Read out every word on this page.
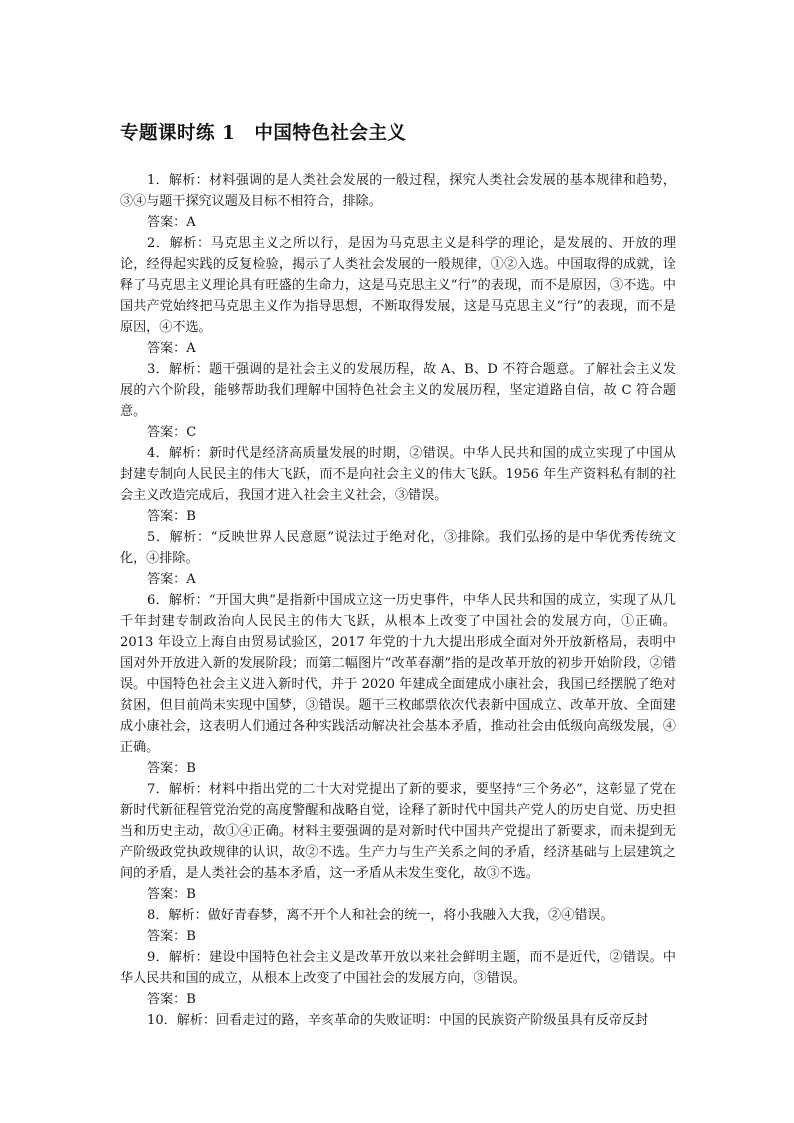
专题课时练 1　中国特色社会主义

1．解析：材料强调的是人类社会发展的一般过程，探究人类社会发展的基本规律和趋势，③④与题干探究议题及目标不相符合，排除。

答案：A

2．解析：马克思主义之所以行，是因为马克思主义是科学的理论，是发展的、开放的理论，经得起实践的反复检验，揭示了人类社会发展的一般规律，①②入选。中国取得的成就，诠释了马克思主义理论具有旺盛的生命力，这是马克思主义“行”的表现，而不是原因，③不选。中国共产党始终把马克思主义作为指导思想，不断取得发展，这是马克思主义“行”的表现，而不是原因，④不选。

答案：A

3．解析：题干强调的是社会主义的发展历程，故 A、B、D 不符合题意。了解社会主义发展的六个阶段，能够帮助我们理解中国特色社会主义的发展历程，坚定道路自信，故 C 符合题意。

答案：C

4．解析：新时代是经济高质量发展的时期，②错误。中华人民共和国的成立实现了中国从封建专制向人民民主的伟大飞跃，而不是向社会主义的伟大飞跃。1956 年生产资料私有制的社会主义改造完成后，我国才进入社会主义社会，③错误。

答案：B

5．解析：“反映世界人民意愿”说法过于绝对化，③排除。我们弘扬的是中华优秀传统文化，④排除。

答案：A

6．解析：“开国大典”是指新中国成立这一历史事件，中华人民共和国的成立，实现了从几千年封建专制政治向人民民主的伟大飞跃，从根本上改变了中国社会的发展方向，①正确。2013 年设立上海自由贸易试验区，2017 年党的十九大提出形成全面对外开放新格局，表明中国对外开放进入新的发展阶段；而第二幅图片“改革春潮”指的是改革开放的初步开始阶段，②错误。中国特色社会主义进入新时代，并于 2020 年建成全面建成小康社会，我国已经摆脱了绝对贫困，但目前尚未实现中国梦，③错误。题干三枚邮票依次代表新中国成立、改革开放、全面建成小康社会，这表明人们通过各种实践活动解决社会基本矛盾，推动社会由低级向高级发展，④正确。

答案：B

7．解析：材料中指出党的二十大对党提出了新的要求，要坚持“三个务必”，这彰显了党在新时代新征程管党治党的高度警醒和战略自觉，诠释了新时代中国共产党人的历史自觉、历史担当和历史主动，故①④正确。材料主要强调的是对新时代中国共产党提出了新要求，而未提到无产阶级政党执政规律的认识，故②不选。生产力与生产关系之间的矛盾，经济基础与上层建筑之间的矛盾，是人类社会的基本矛盾，这一矛盾从未发生变化，故③不选。

答案：B

8．解析：做好青春梦，离不开个人和社会的统一，将小我融入大我，②④错误。

答案：B

9．解析：建设中国特色社会主义是改革开放以来社会鲜明主题，而不是近代，②错误。中华人民共和国的成立，从根本上改变了中国社会的发展方向，③错误。

答案：B

10．解析：回看走过的路，辛亥革命的失败证明：中国的民族资产阶级虽具有反帝反封
